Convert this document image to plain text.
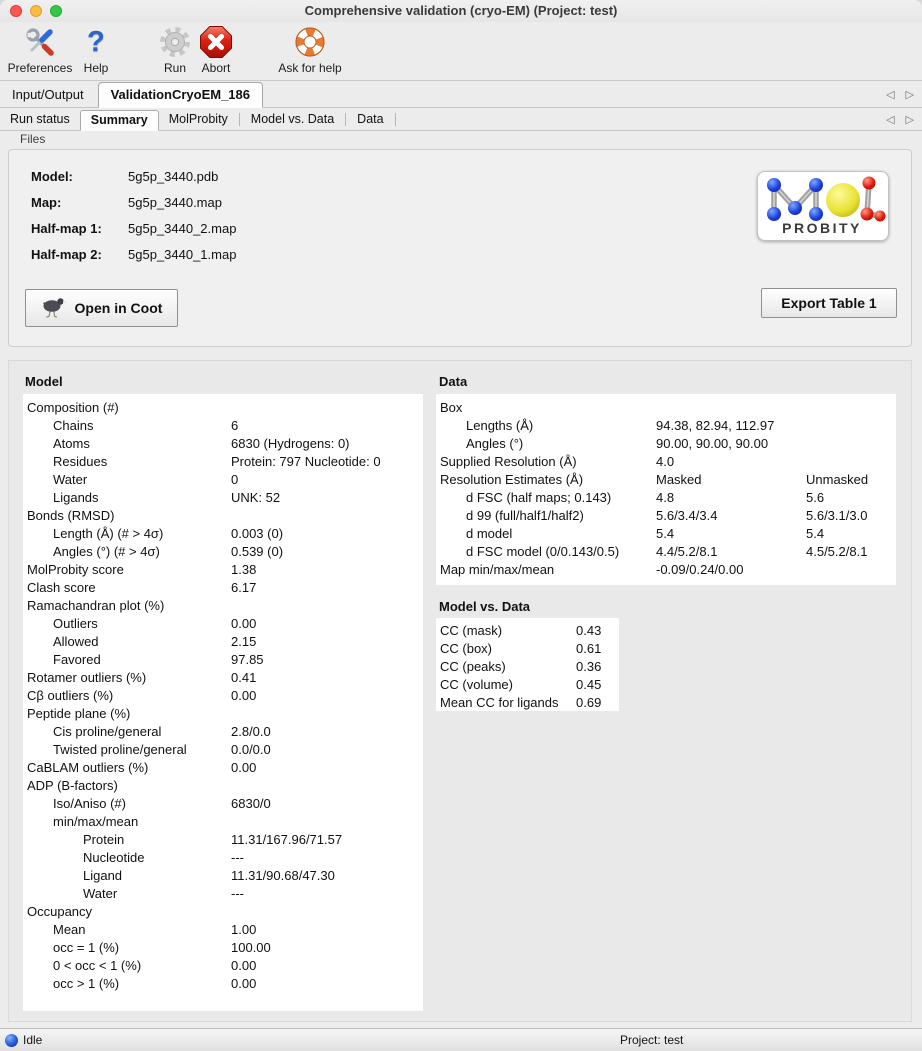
Comprehensive validation (cryo-EM) (Project: test)
Preferences
?
Help	Run Abort	Ask for help
Input/Output	ValidationCryoEM_186	◁ ▷
Run status	Summary	MolProbity	Model vs. Data	Data	◁ ▷
Files
Model:	5g5p_3440.pdb
Map:	5g5p_3440.map
Half-map 1: 5g5p_3440_2.map
Half-map 2: 5g5p_3440_1.map
PROBITY
Open in Coot	Export Table 1
Model
Composition (#)
Chains	6
Atoms	6830 (Hydrogens: 0)
Residues	Protein: 797 Nucleotide: 0
Water	0
Ligands	UNK: 52
Bonds (RMSD)
Length (Å) (# > 4σ)	0.003 (0)
Angles (°) (# > 4σ)	0.539 (0)
MolProbity score	1.38
Clash score	6.17
Ramachandran plot (%)
Outliers	0.00
Allowed	2.15
Favored	97.85
Rotamer outliers (%)	0.41
Cβ outliers (%)	0.00
Peptide plane (%)
Cis proline/general	2.8/0.0
Twisted proline/general	0.0/0.0
CaBLAM outliers (%)	0.00
ADP (B-factors)
Iso/Aniso (#)	6830/0
min/max/mean
Protein	11.31/167.96/71.57
Nucleotide	---
Ligand	11.31/90.68/47.30
Water	---
Occupancy
Mean	1.00
occ = 1 (%)	100.00
0 < occ < 1 (%)	0.00
occ > 1 (%)	0.00
Data
Box
Lengths (Å)	94.38, 82.94, 112.97
Angles (°)	90.00, 90.00, 90.00
Supplied Resolution (Å)	4.0
Resolution Estimates (Å)	Masked	Unmasked
d FSC (half maps; 0.143)	4.8	5.6
d 99 (full/half1/half2)	5.6/3.4/3.4	5.6/3.1/3.0
d model	5.4	5.4
d FSC model (0/0.143/0.5)	4.4/5.2/8.1	4.5/5.2/8.1
Map min/max/mean	-0.09/0.24/0.00
Model vs. Data
CC (mask)	0.43
CC (box)	0.61
CC (peaks)	0.36
CC (volume)	0.45
Mean CC for ligands 0.69
Idle	Project: test
